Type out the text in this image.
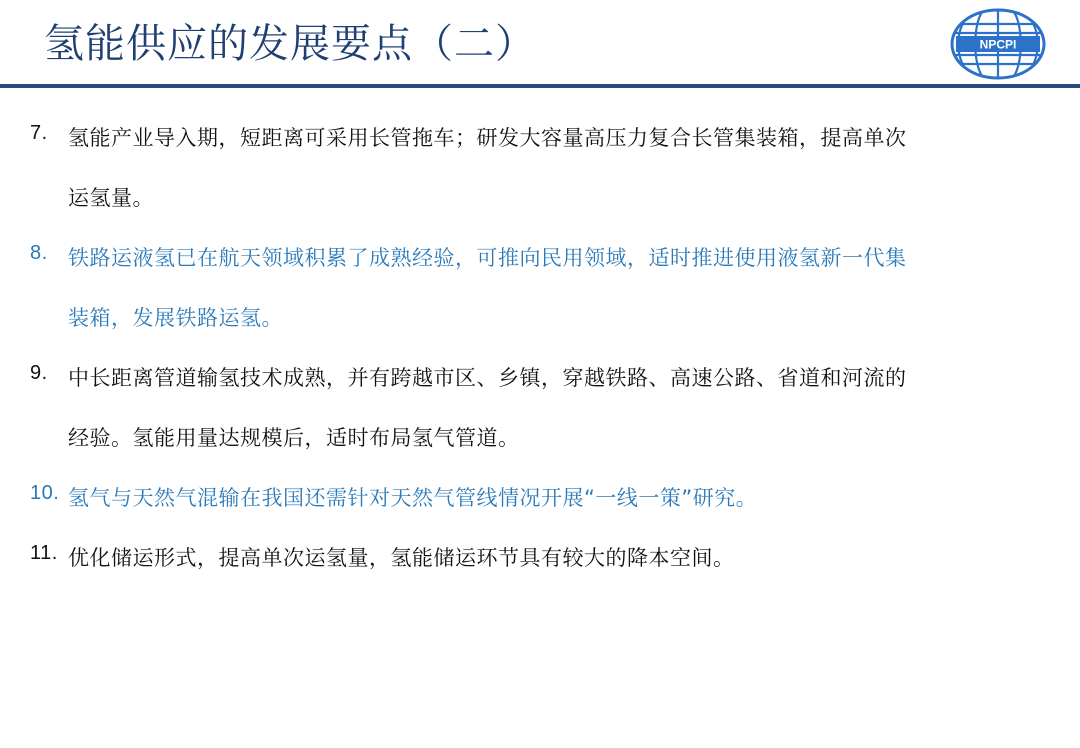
氢能供应的发展要点（二）	NPCPI
7. 氢能产业导入期，短距离可采用长管拖车；研发大容量高压力复合长管集装箱，提高单次
运氢量。
8. 铁路运液氢已在航天领域积累了成熟经验，可推向民用领域，适时推进使用液氢新一代集
装箱，发展铁路运氢。
9. 中长距离管道输氢技术成熟，并有跨越市区、乡镇，穿越铁路、高速公路、省道和河流的
经验。氢能用量达规模后，适时布局氢气管道。
10. 氢气与天然气混输在我国还需针对天然气管线情况开展“一线一策”研究。
11. 优化储运形式，提高单次运氢量，氢能储运环节具有较大的降本空间。
